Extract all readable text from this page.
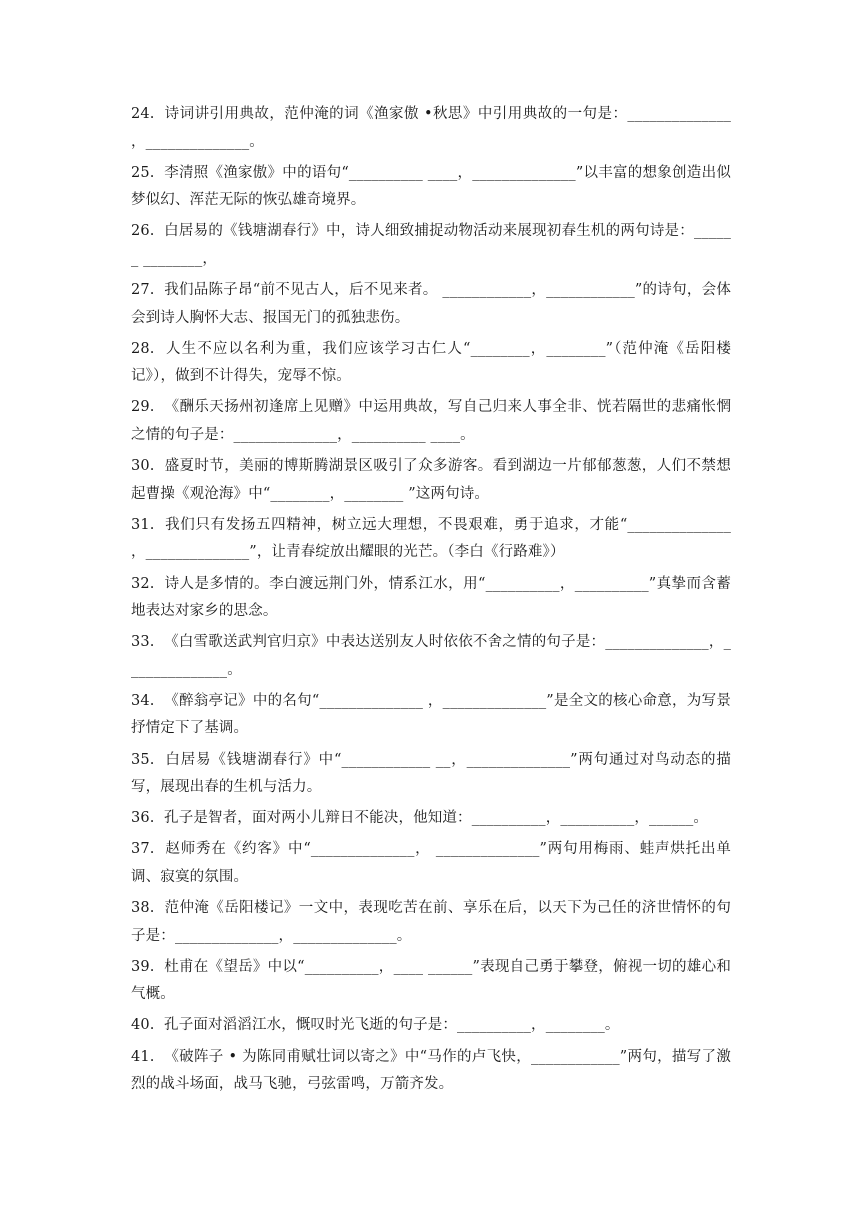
24. 诗词讲引用典故，范仲淹的词《渔家傲 •秋思》中引用典故的一句是：______________ ，______________。

25. 李清照《渔家傲》中的语句“__________ ____，______________”以丰富的想象创造出似梦似幻、浑茫无际的恢弘雄奇境界。

26. 白居易的《钱塘湖春行》中，诗人细致捕捉动物活动来展现初春生机的两句诗是：______ ________，

27. 我们品陈子昂“前不见古人，后不见来者。 ____________，____________”的诗句，会体会到诗人胸怀大志、报国无门的孤独悲伤。

28. 人生不应以名利为重，我们应该学习古仁人“________，________”（范仲淹《岳阳楼记》），做到不计得失，宠辱不惊。

29. 《酬乐天扬州初逢席上见赠》中运用典故，写自己归来人事全非、恍若隔世的悲痛怅惘之情的句子是：______________，__________ ____。

30. 盛夏时节，美丽的博斯腾湖景区吸引了众多游客。看到湖边一片郁郁葱葱，人们不禁想起曹操《观沧海》中“________，________ ”这两句诗。

31. 我们只有发扬五四精神，树立远大理想，不畏艰难，勇于追求，才能“______________ ，______________”，让青春绽放出耀眼的光芒。（李白《行路难》）

32. 诗人是多情的。李白渡远荆门外，情系江水，用“__________，__________”真挚而含蓄地表达对家乡的思念。

33. 《白雪歌送武判官归京》中表达送别友人时依依不舍之情的句子是：______________，_ _____________。

34. 《醉翁亭记》中的名句“______________ ，______________”是全文的核心命意，为写景抒情定下了基调。

35. 白居易《钱塘湖春行》中“____________ __，______________”两句通过对鸟动态的描写，展现出春的生机与活力。

36. 孔子是智者，面对两小儿辩日不能决，他知道：__________，__________，______。

37. 赵师秀在《约客》中“______________， ______________”两句用梅雨、蛙声烘托出单调、寂寞的氛围。

38. 范仲淹《岳阳楼记》一文中，表现吃苦在前、享乐在后，以天下为己任的济世情怀的句子是：______________，______________。

39. 杜甫在《望岳》中以“__________，____ ______”表现自己勇于攀登，俯视一切的雄心和气概。

40. 孔子面对滔滔江水，慨叹时光飞逝的句子是：__________，________。

41. 《破阵子 • 为陈同甫赋壮词以寄之》中“马作的卢飞快，____________”两句，描写了激烈的战斗场面，战马飞驰，弓弦雷鸣，万箭齐发。
